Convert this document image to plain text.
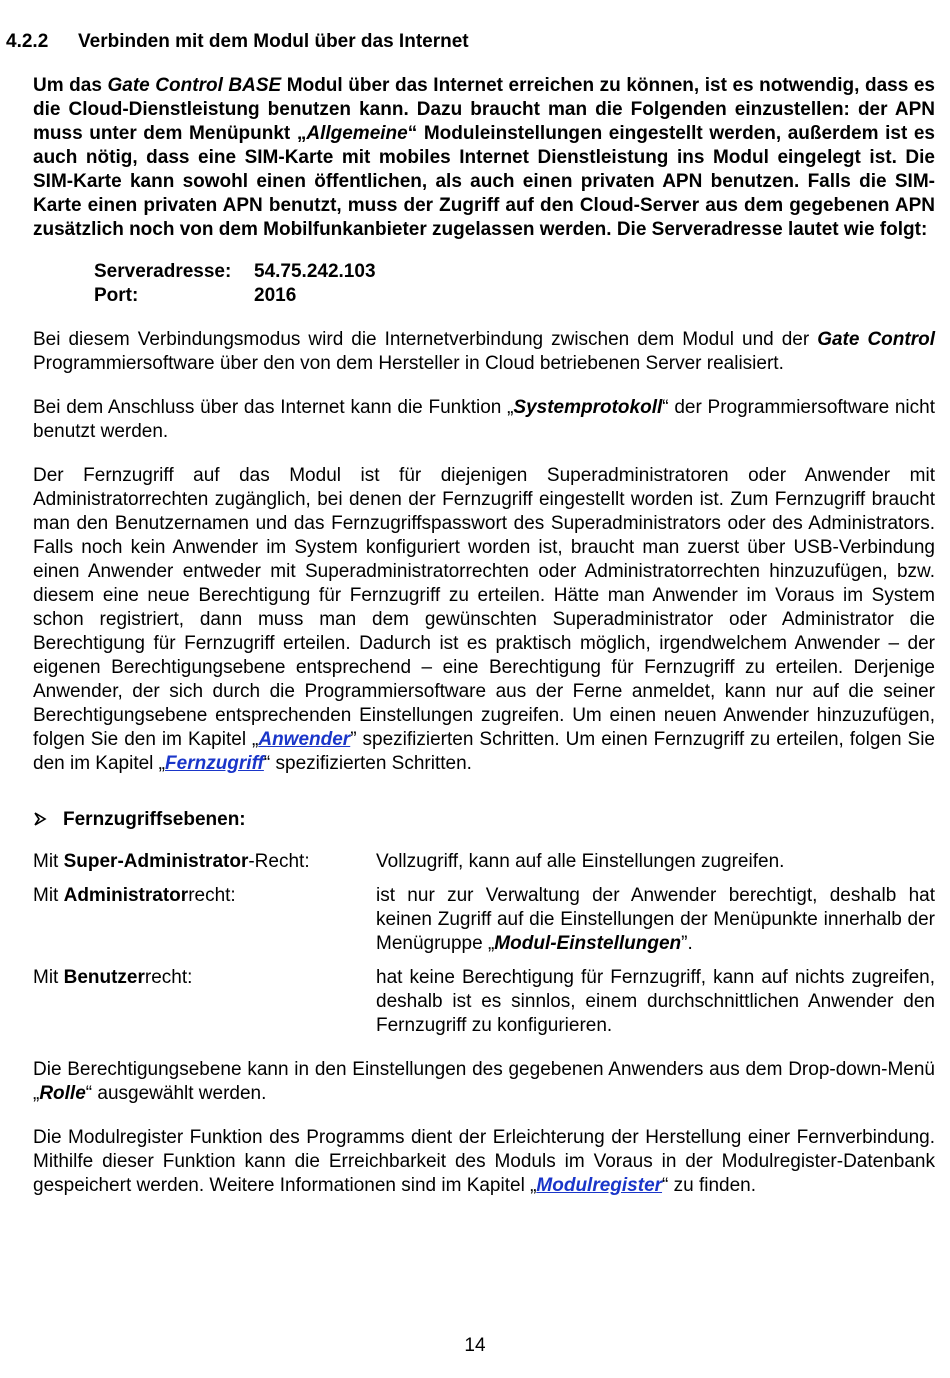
4.2.2 Verbinden mit dem Modul über das Internet

Um das Gate Control BASE Modul über das Internet erreichen zu können, ist es notwendig, dass es die Cloud-Dienstleistung benutzen kann. Dazu braucht man die Folgenden einzustellen: der APN muss unter dem Menüpunkt „Allgemeine“ Moduleinstellungen eingestellt werden, außerdem ist es auch nötig, dass eine SIM-Karte mit mobiles Internet Dienstleistung ins Modul eingelegt ist. Die SIM-Karte kann sowohl einen öffentlichen, als auch einen privaten APN benutzen. Falls die SIM-Karte einen privaten APN benutzt, muss der Zugriff auf den Cloud-Server aus dem gegebenen APN zusätzlich noch von dem Mobilfunkanbieter zugelassen werden. Die Serveradresse lautet wie folgt:

Serveradresse:	54.75.242.103
Port:	2016

Bei diesem Verbindungsmodus wird die Internetverbindung zwischen dem Modul und der Gate Control Programmiersoftware über den von dem Hersteller in Cloud betriebenen Server realisiert.

Bei dem Anschluss über das Internet kann die Funktion „Systemprotokoll“ der Programmiersoftware nicht benutzt werden.

Der Fernzugriff auf das Modul ist für diejenigen Superadministratoren oder Anwender mit Administratorrechten zugänglich, bei denen der Fernzugriff eingestellt worden ist. Zum Fernzugriff braucht man den Benutzernamen und das Fernzugriffspasswort des Superadministrators oder des Administrators. Falls noch kein Anwender im System konfiguriert worden ist, braucht man zuerst über USB-Verbindung einen Anwender entweder mit Superadministratorrechten oder Administratorrechten hinzuzufügen, bzw. diesem eine neue Berechtigung für Fernzugriff zu erteilen. Hätte man Anwender im Voraus im System schon registriert, dann muss man dem gewünschten Superadministrator oder Administrator die Berechtigung für Fernzugriff erteilen. Dadurch ist es praktisch möglich, irgendwelchem Anwender – der eigenen Berechtigungsebene entsprechend – eine Berechtigung für Fernzugriff zu erteilen. Derjenige Anwender, der sich durch die Programmiersoftware aus der Ferne anmeldet, kann nur auf die seiner Berechtigungsebene entsprechenden Einstellungen zugreifen. Um einen neuen Anwender hinzuzufügen, folgen Sie den im Kapitel „Anwender” spezifizierten Schritten. Um einen Fernzugriff zu erteilen, folgen Sie den im Kapitel „Fernzugriff“ spezifizierten Schritten.

Fernzugriffsebenen:
Mit Super-Administrator-Recht:	Vollzugriff, kann auf alle Einstellungen zugreifen.
Mit Administratorrecht:	ist nur zur Verwaltung der Anwender berechtigt, deshalb hat keinen Zugriff auf die Einstellungen der Menüpunkte innerhalb der Menügruppe „Modul-Einstellungen”.
Mit Benutzerrecht:	hat keine Berechtigung für Fernzugriff, kann auf nichts zugreifen, deshalb ist es sinnlos, einem durchschnittlichen Anwender den Fernzugriff zu konfigurieren.

Die Berechtigungsebene kann in den Einstellungen des gegebenen Anwenders aus dem Drop-down-Menü „Rolle“ ausgewählt werden.

Die Modulregister Funktion des Programms dient der Erleichterung der Herstellung einer Fernverbindung. Mithilfe dieser Funktion kann die Erreichbarkeit des Moduls im Voraus in der Modulregister-Datenbank gespeichert werden. Weitere Informationen sind im Kapitel „Modulregister“ zu finden.

14
